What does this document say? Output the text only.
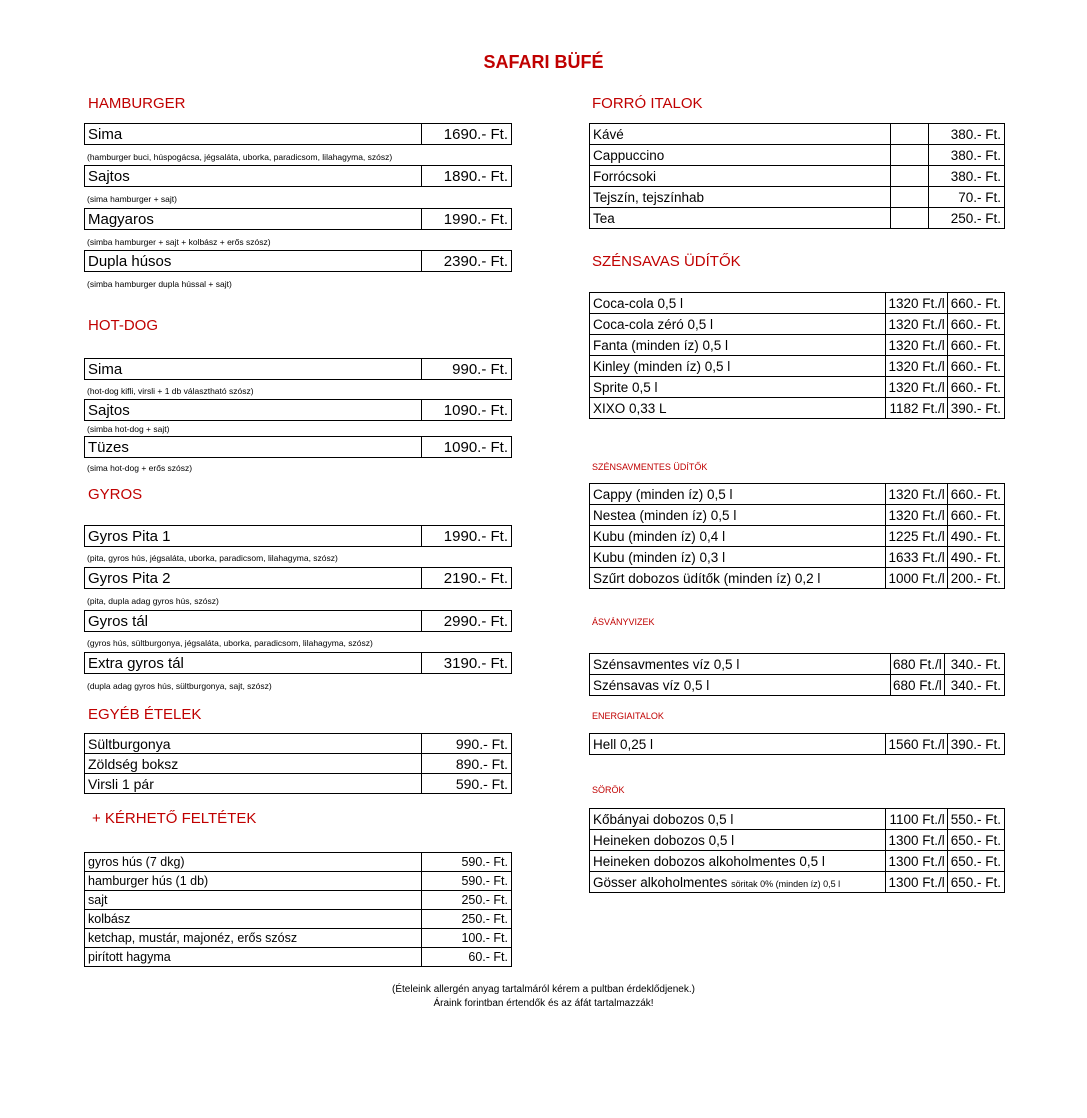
SAFARI BÜFÉ
HAMBURGER
Sima	1690.- Ft.
(hamburger buci, húspogácsa, jégsaláta, uborka, paradicsom, lilahagyma, szósz)
Sajtos	1890.- Ft.
(sima hamburger + sajt)
Magyaros	1990.- Ft.
(simba hamburger + sajt + kolbász + erős szósz)
Dupla húsos	2390.- Ft.
(simba hamburger dupla hússal + sajt)
HOT-DOG
Sima	990.- Ft.
(hot-dog kifli, virsli + 1 db választható szósz)
Sajtos	1090.- Ft.
(simba hot-dog + sajt)
Tüzes	1090.- Ft.
(sima hot-dog + erős szósz)
GYROS
Gyros Pita 1	1990.- Ft.
(pita, gyros hús, jégsaláta, uborka, paradicsom, lilahagyma, szósz)
Gyros Pita 2	2190.- Ft.
(pita, dupla adag gyros hús, szósz)
Gyros tál	2990.- Ft.
(gyros hús, sültburgonya, jégsaláta, uborka, paradicsom, lilahagyma, szósz)
Extra gyros tál	3190.- Ft.
(dupla adag gyros hús, sültburgonya, sajt, szósz)
EGYÉB ÉTELEK
Sültburgonya	990.- Ft.
Zöldség boksz	890.- Ft.
Virsli 1 pár	590.- Ft.
+ KÉRHETŐ FELTÉTEK
gyros hús (7 dkg)	590.- Ft.
hamburger hús (1 db)	590.- Ft.
sajt	250.- Ft.
kolbász	250.- Ft.
ketchap, mustár, majonéz, erős szósz	100.- Ft.
pirított hagyma	60.- Ft.
FORRÓ ITALOK
Kávé		380.- Ft.
Cappuccino		380.- Ft.
Forrócsoki		380.- Ft.
Tejszín, tejszínhab		70.- Ft.
Tea		250.- Ft.
SZÉNSAVAS ÜDÍTŐK
Coca-cola 0,5 l	1320 Ft./l	660.- Ft.
Coca-cola zéró 0,5 l	1320 Ft./l	660.- Ft.
Fanta (minden íz) 0,5 l	1320 Ft./l	660.- Ft.
Kinley (minden íz) 0,5 l	1320 Ft./l	660.- Ft.
Sprite 0,5 l	1320 Ft./l	660.- Ft.
XIXO 0,33 L	1182 Ft./l	390.- Ft.
SZÉNSAVMENTES ÜDÍTŐK
Cappy (minden íz) 0,5 l	1320 Ft./l	660.- Ft.
Nestea (minden íz) 0,5 l	1320 Ft./l	660.- Ft.
Kubu (minden íz) 0,4 l	1225 Ft./l	490.- Ft.
Kubu (minden íz) 0,3 l	1633 Ft./l	490.- Ft.
Szűrt dobozos üdítők (minden íz) 0,2 l	1000 Ft./l	200.- Ft.
ÁSVÁNYVIZEK
Szénsavmentes víz 0,5 l	680 Ft./l	340.- Ft.
Szénsavas víz 0,5 l	680 Ft./l	340.- Ft.
ENERGIAITALOK
Hell 0,25 l	1560 Ft./l	390.- Ft.
SÖRÖK
Kőbányai dobozos 0,5 l	1100 Ft./l	550.- Ft.
Heineken dobozos 0,5 l	1300 Ft./l	650.- Ft.
Heineken dobozos alkoholmentes 0,5 l	1300 Ft./l	650.- Ft.
Gösser alkoholmentes söritak 0% (minden íz) 0,5 l	1300 Ft./l	650.- Ft.
(Ételeink allergén anyag tartalmáról kérem a pultban érdeklődjenek.)
Áraink forintban értendők és az áfát tartalmazzák!
